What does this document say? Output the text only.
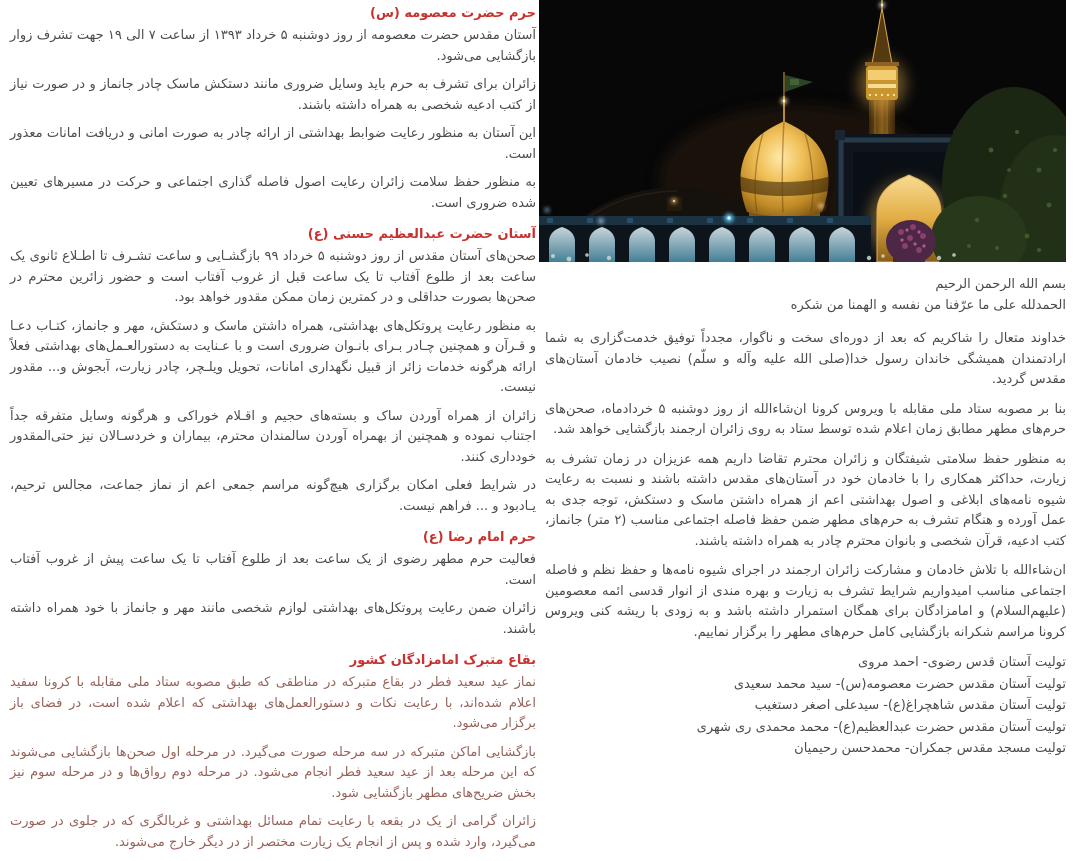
حرم حضرت معصومه (س)

آستان مقدس حضرت معصومه از روز دوشنبه ۵ خرداد ۱۳۹۳ از ساعت ۷ الی ۱۹ جهت تشرف زوار بازگشایی می‌شود.

زائران برای تشرف به حرم باید وسایل ضروری مانند دستکش ماسک چادر جانماز و در صورت نیاز از کتب ادعیه شخصی به همراه داشته باشند.

این آستان به منظور رعایت ضوابط بهداشتی از ارائه چادر به صورت امانی و دریافت امانات معذور است.

به منظور حفظ سلامت زائران رعایت اصول فاصله گذاری اجتماعی و حرکت در مسیرهای تعیین شده ضروری است.

آستان حضرت عبدالعظیم حسنی (ع)

صحن‌های آستان مقدس از روز دوشنبه ۵ خرداد ۹۹ بازگشـایی و ساعت تشـرف تا اطـلاع ثانوی یک ساعت بعد از طلوع آفتاب تا یک ساعت قبل از غروب آفتاب است و حضور زائرین محترم در صحن‌ها بصورت حداقلی و در کمترین زمان ممکن مقدور خواهد بود.

به منظور رعایت پروتکل‌های بهداشتی، همراه داشتن ماسک و دستکش، مهر و جانماز، کتـاب دعـا و قـرآن و همچنین چـادر بـرای بانـوان ضروری است و با عـنایت به دستورالعـمل‌های بهداشتی فعلاً ارائه هرگونه خدمات زائر از قبیل نگهداری امانات، تحویل ویلـچر، چادر زیارت، آبجوش و... مقدور نیست.

زائران از همراه آوردن ساک و بسته‌های حجیم و اقـلام خوراکی و هرگونه وسایل متفرقه جداً اجتناب نموده و همچنین از بهمراه آوردن سالمندان محترم، بیماران و خردسـالان نیز حتی‌المقدور خودداری کنند.

در شرایط فعلی امکان برگزاری هیچ‌گونه مراسم جمعی اعم از نماز جماعت، مجالس ترحیم، یـادبود و ... فراهم نیست.

حرم امام رضا (ع)

فعالیت حرم مطهر رضوی از یک ساعت بعد از طلوع آفتاب تا یک ساعت پیش از غروب آفتاب است.

زائران ضمن رعایت پروتکل‌های بهداشتی لوازم شخصی مانند مهر و جانماز با خود همراه داشته باشند.

بقاع متبرک امامزادگان کشور

نماز عید سعید فطر در بقاع متبرکه در مناطقی که طبق مصوبه ستاد ملی مقابله با کرونا سفید اعلام شده‌اند، با رعایت نکات و دستورالعمل‌های بهداشتی که اعلام شده است، در فضای باز برگزار می‌شود.

بازگشایی اماکن متبرکه در سه مرحله صورت می‌گیرد. در مرحله اول صحن‌ها بازگشایی می‌شوند که این مرحله بعد از عید سعید فطر انجام می‌شود. در مرحله دوم رواق‌ها و در مرحله سوم نیز بخش ضریح‌های مطهر بازگشایی شود.

زائران گرامی از یک در بقعه با رعایت تمام مسائل بهداشتی و غربالگری که در جلوی در صورت می‌گیرد، وارد شده و پس از انجام یک زیارت مختصر از در دیگر خارج می‌شوند.

بسم الله الرحمن الرحیم

الحمدلله علی ما عرّفنا من نفسه و الهمنا من شکره

خداوند متعال را شاکریم که بعد از دوره‌ای سخت و ناگوار، مجدداً توفیق خدمت‌گزاری به شما ارادتمندان همیشگی خاندان رسول خدا(صلی الله علیه وآله و سلّم) نصیب خادمان آستان‌های مقدس گردید.

بنا بر مصوبه ستاد ملی مقابله با ویروس کرونا ان‌شاءالله از روز دوشنبه ۵ خردادماه، صحن‌های حرم‌های مطهر مطابق زمان اعلام شده توسط ستاد به روی زائران ارجمند بازگشایی خواهد شد.

به منظور حفظ سلامتی شیفتگان و زائران محترم تقاضا داریم همه عزیزان در زمان تشرف به زیارت، حداکثر همکاری را با خادمان خود در آستان‌های مقدس داشته باشند و نسبت به رعایت شیوه نامه‌های ابلاغی و اصول بهداشتی اعم از همراه داشتن ماسک و دستکش، توجه جدی به عمل آورده و هنگام تشرف به حرم‌های مطهر ضمن حفظ فاصله اجتماعی مناسب (۲ متر) جانماز، کتب ادعیه، قرآن شخصی و بانوان محترم چادر به همراه داشته باشند.

ان‌شاءالله با تلاش خادمان و مشارکت زائران ارجمند در اجرای شیوه نامه‌ها و حفظ نظم و فاصله اجتماعی مناسب امیدواریم شرایط تشرف به زیارت و بهره مندی از انوار قدسی ائمه معصومین (علیهم‌السلام) و امامزادگان برای همگان استمرار داشته باشد و به زودی با ریشه کنی ویروس کرونا مراسم شکرانه بازگشایی کامل حرم‌های مطهر را برگزار نماییم.

تولیت آستان قدس رضوی- احمد مروی

تولیت آستان مقدس حضرت معصومه(س)- سید محمد سعیدی

تولیت آستان مقدس شاهچراغ(ع)- سیدعلی اصغر دستغیب

تولیت آستان مقدس حضرت عبدالعظیم(ع)- محمد محمدی ری شهری

تولیت مسجد مقدس جمکران- محمدحسن رحیمیان
